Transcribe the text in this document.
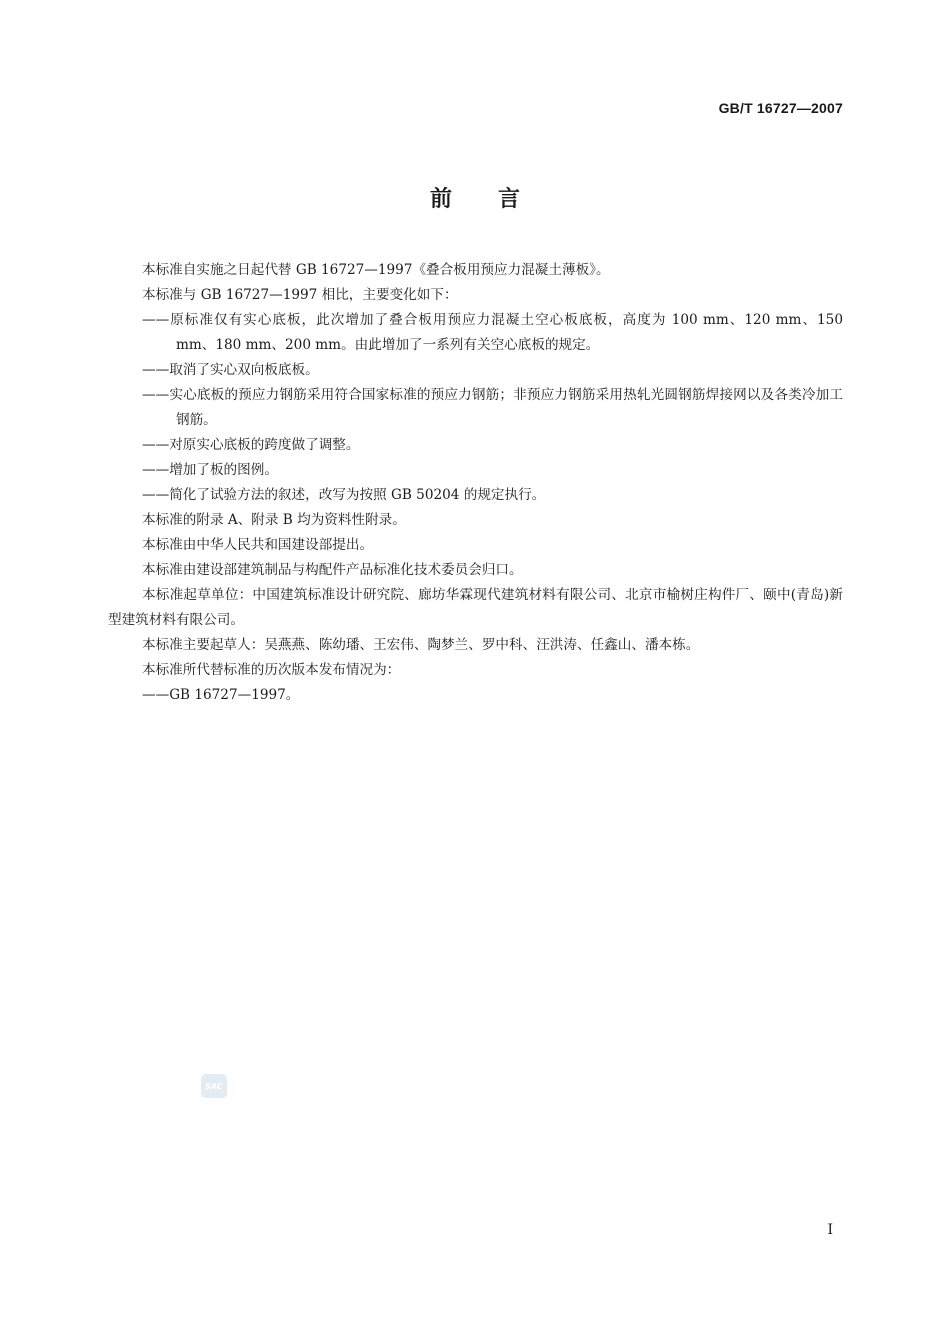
GB/T 16727—2007
前言

本标准自实施之日起代替 GB 16727—1997《叠合板用预应力混凝土薄板》。

本标准与 GB 16727—1997 相比，主要变化如下：

——原标准仅有实心底板，此次增加了叠合板用预应力混凝土空心板底板，高度为 100 mm、120 mm、150 mm、180 mm、200 mm。由此增加了一系列有关空心底板的规定。

——取消了实心双向板底板。

——实心底板的预应力钢筋采用符合国家标准的预应力钢筋；非预应力钢筋采用热轧光圆钢筋焊接网以及各类冷加工钢筋。

——对原实心底板的跨度做了调整。

——增加了板的图例。

——简化了试验方法的叙述，改写为按照 GB 50204 的规定执行。

本标准的附录 A、附录 B 均为资料性附录。

本标准由中华人民共和国建设部提出。

本标准由建设部建筑制品与构配件产品标准化技术委员会归口。

本标准起草单位：中国建筑标准设计研究院、廊坊华霖现代建筑材料有限公司、北京市榆树庄构件厂、颐中(青岛)新型建筑材料有限公司。

本标准主要起草人：吴燕燕、陈幼璠、王宏伟、陶梦兰、罗中科、汪洪涛、任鑫山、潘本栋。

本标准所代替标准的历次版本发布情况为：

——GB 16727—1997。

SAC
I
